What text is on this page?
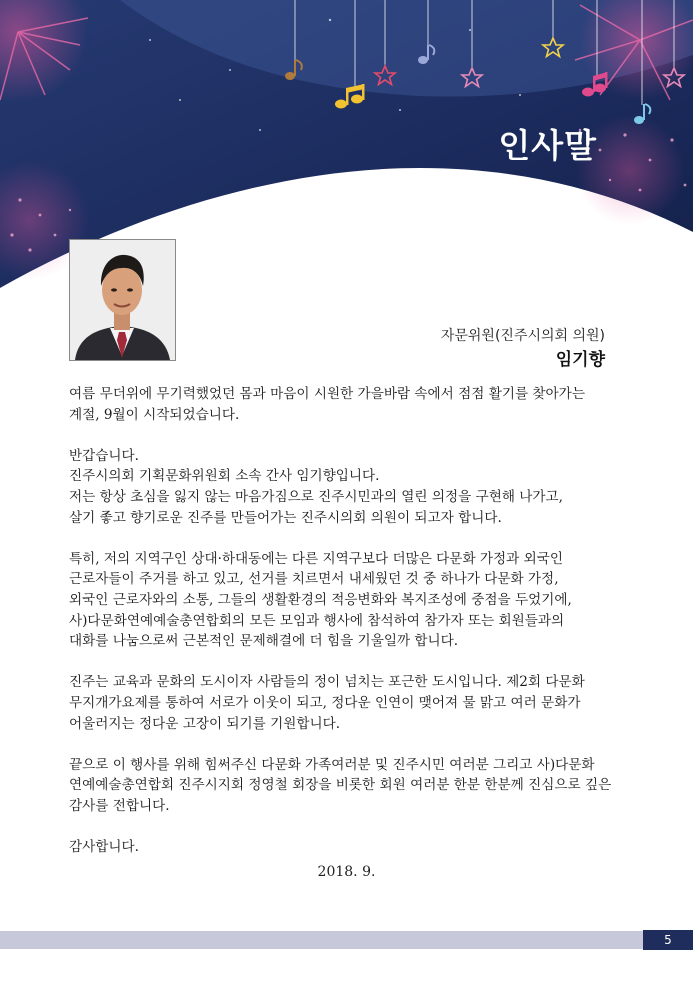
인사말
자문위원(진주시의회 의원)
임기향
여름 무더위에 무기력했었던 몸과 마음이 시원한 가을바람 속에서 점점 활기를 찾아가는
계절, 9월이 시작되었습니다.
반갑습니다.
진주시의회 기획문화위원회 소속 간사 임기향입니다.
저는 항상 초심을 잃지 않는 마음가짐으로 진주시민과의 열린 의정을 구현해 나가고,
살기 좋고 향기로운 진주를 만들어가는 진주시의회 의원이 되고자 합니다.
특히, 저의 지역구인 상대·하대동에는 다른 지역구보다 더많은 다문화 가정과 외국인
근로자들이 주거를 하고 있고, 선거를 치르면서 내세웠던 것 중 하나가 다문화 가정,
외국인 근로자와의 소통, 그들의 생활환경의 적응변화와 복지조성에 중점을 두었기에,
사)다문화연예예술총연합회의 모든 모임과 행사에 참석하여 참가자 또는 회원들과의
대화를 나눔으로써 근본적인 문제해결에 더 힘을 기울일까 합니다.
진주는 교육과 문화의 도시이자 사람들의 정이 넘치는 포근한 도시입니다. 제2회 다문화
무지개가요제를 통하여 서로가 이웃이 되고, 정다운 인연이 맺어져 물 맑고 여러 문화가
어울러지는 정다운 고장이 되기를 기원합니다.
끝으로 이 행사를 위해 힘써주신 다문화 가족여러분 및 진주시민 여러분 그리고 사)다문화
연예예술총연합회 진주시지회 정영철 회장을 비롯한 회원 여러분 한분 한분께 진심으로 깊은
감사를 전합니다.
감사합니다.
2018. 9.
5
